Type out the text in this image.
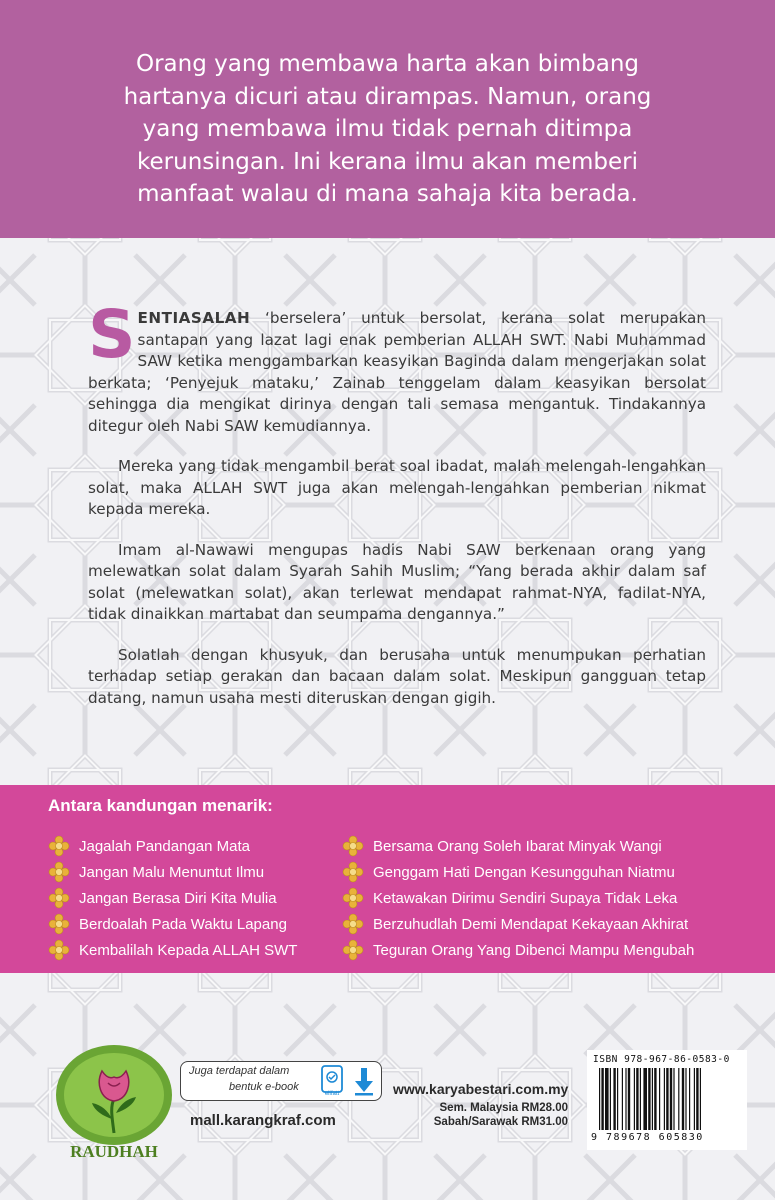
Orang yang membawa harta akan bimbang
hartanya dicuri atau dirampas. Namun, orang
yang membawa ilmu tidak pernah ditimpa
kerunsingan. Ini kerana ilmu akan memberi
manfaat walau di mana sahaja kita berada.

SENTIASALAH ‘berselera’ untuk bersolat, kerana solat merupakan santapan yang lazat lagi enak pemberian ALLAH SWT. Nabi Muhammad SAW ketika menggambarkan keasyikan Baginda dalam mengerjakan solat berkata; ‘Penyejuk mataku,’ Zainab tenggelam dalam keasyikan bersolat sehingga dia mengikat dirinya dengan tali semasa mengantuk. Tindakannya ditegur oleh Nabi SAW kemudiannya.

Mereka yang tidak mengambil berat soal ibadat, malah melengah-lengahkan solat, maka ALLAH SWT juga akan melengah-lengahkan pemberian nikmat kepada mereka.

Imam al-Nawawi mengupas hadis Nabi SAW berkenaan orang yang melewatkan solat dalam Syarah Sahih Muslim; “Yang berada akhir dalam saf solat (melewatkan solat), akan terlewat mendapat rahmat-NYA, fadilat-NYA, tidak dinaikkan martabat dan seumpama dengannya.”

Solatlah dengan khusyuk, dan berusaha untuk menumpukan perhatian terhadap setiap gerakan dan bacaan dalam solat. Meskipun gangguan tetap datang, namun usaha mesti diteruskan dengan gigih.

Antara kandungan menarik:
Jagalah Pandangan Mata
Jangan Malu Menuntut Ilmu
Jangan Berasa Diri Kita Mulia
Berdoalah Pada Waktu Lapang
Kembalilah Kepada ALLAH SWT
Bersama Orang Soleh Ibarat Minyak Wangi
Genggam Hati Dengan Kesungguhan Niatmu
Ketawakan Dirimu Sendiri Supaya Tidak Leka
Berzuhudlah Demi Mendapat Kekayaan Akhirat
Teguran Orang Yang Dibenci Mampu Mengubah
RAUDHAH
Juga terdapat dalam
bentuk e-book
elifatt
mall.karangkraf.com
www.karyabestari.com.my
Sem. Malaysia RM28.00
Sabah/Sarawak RM31.00
ISBN 978-967-86-0583-0
9 789678 605830
